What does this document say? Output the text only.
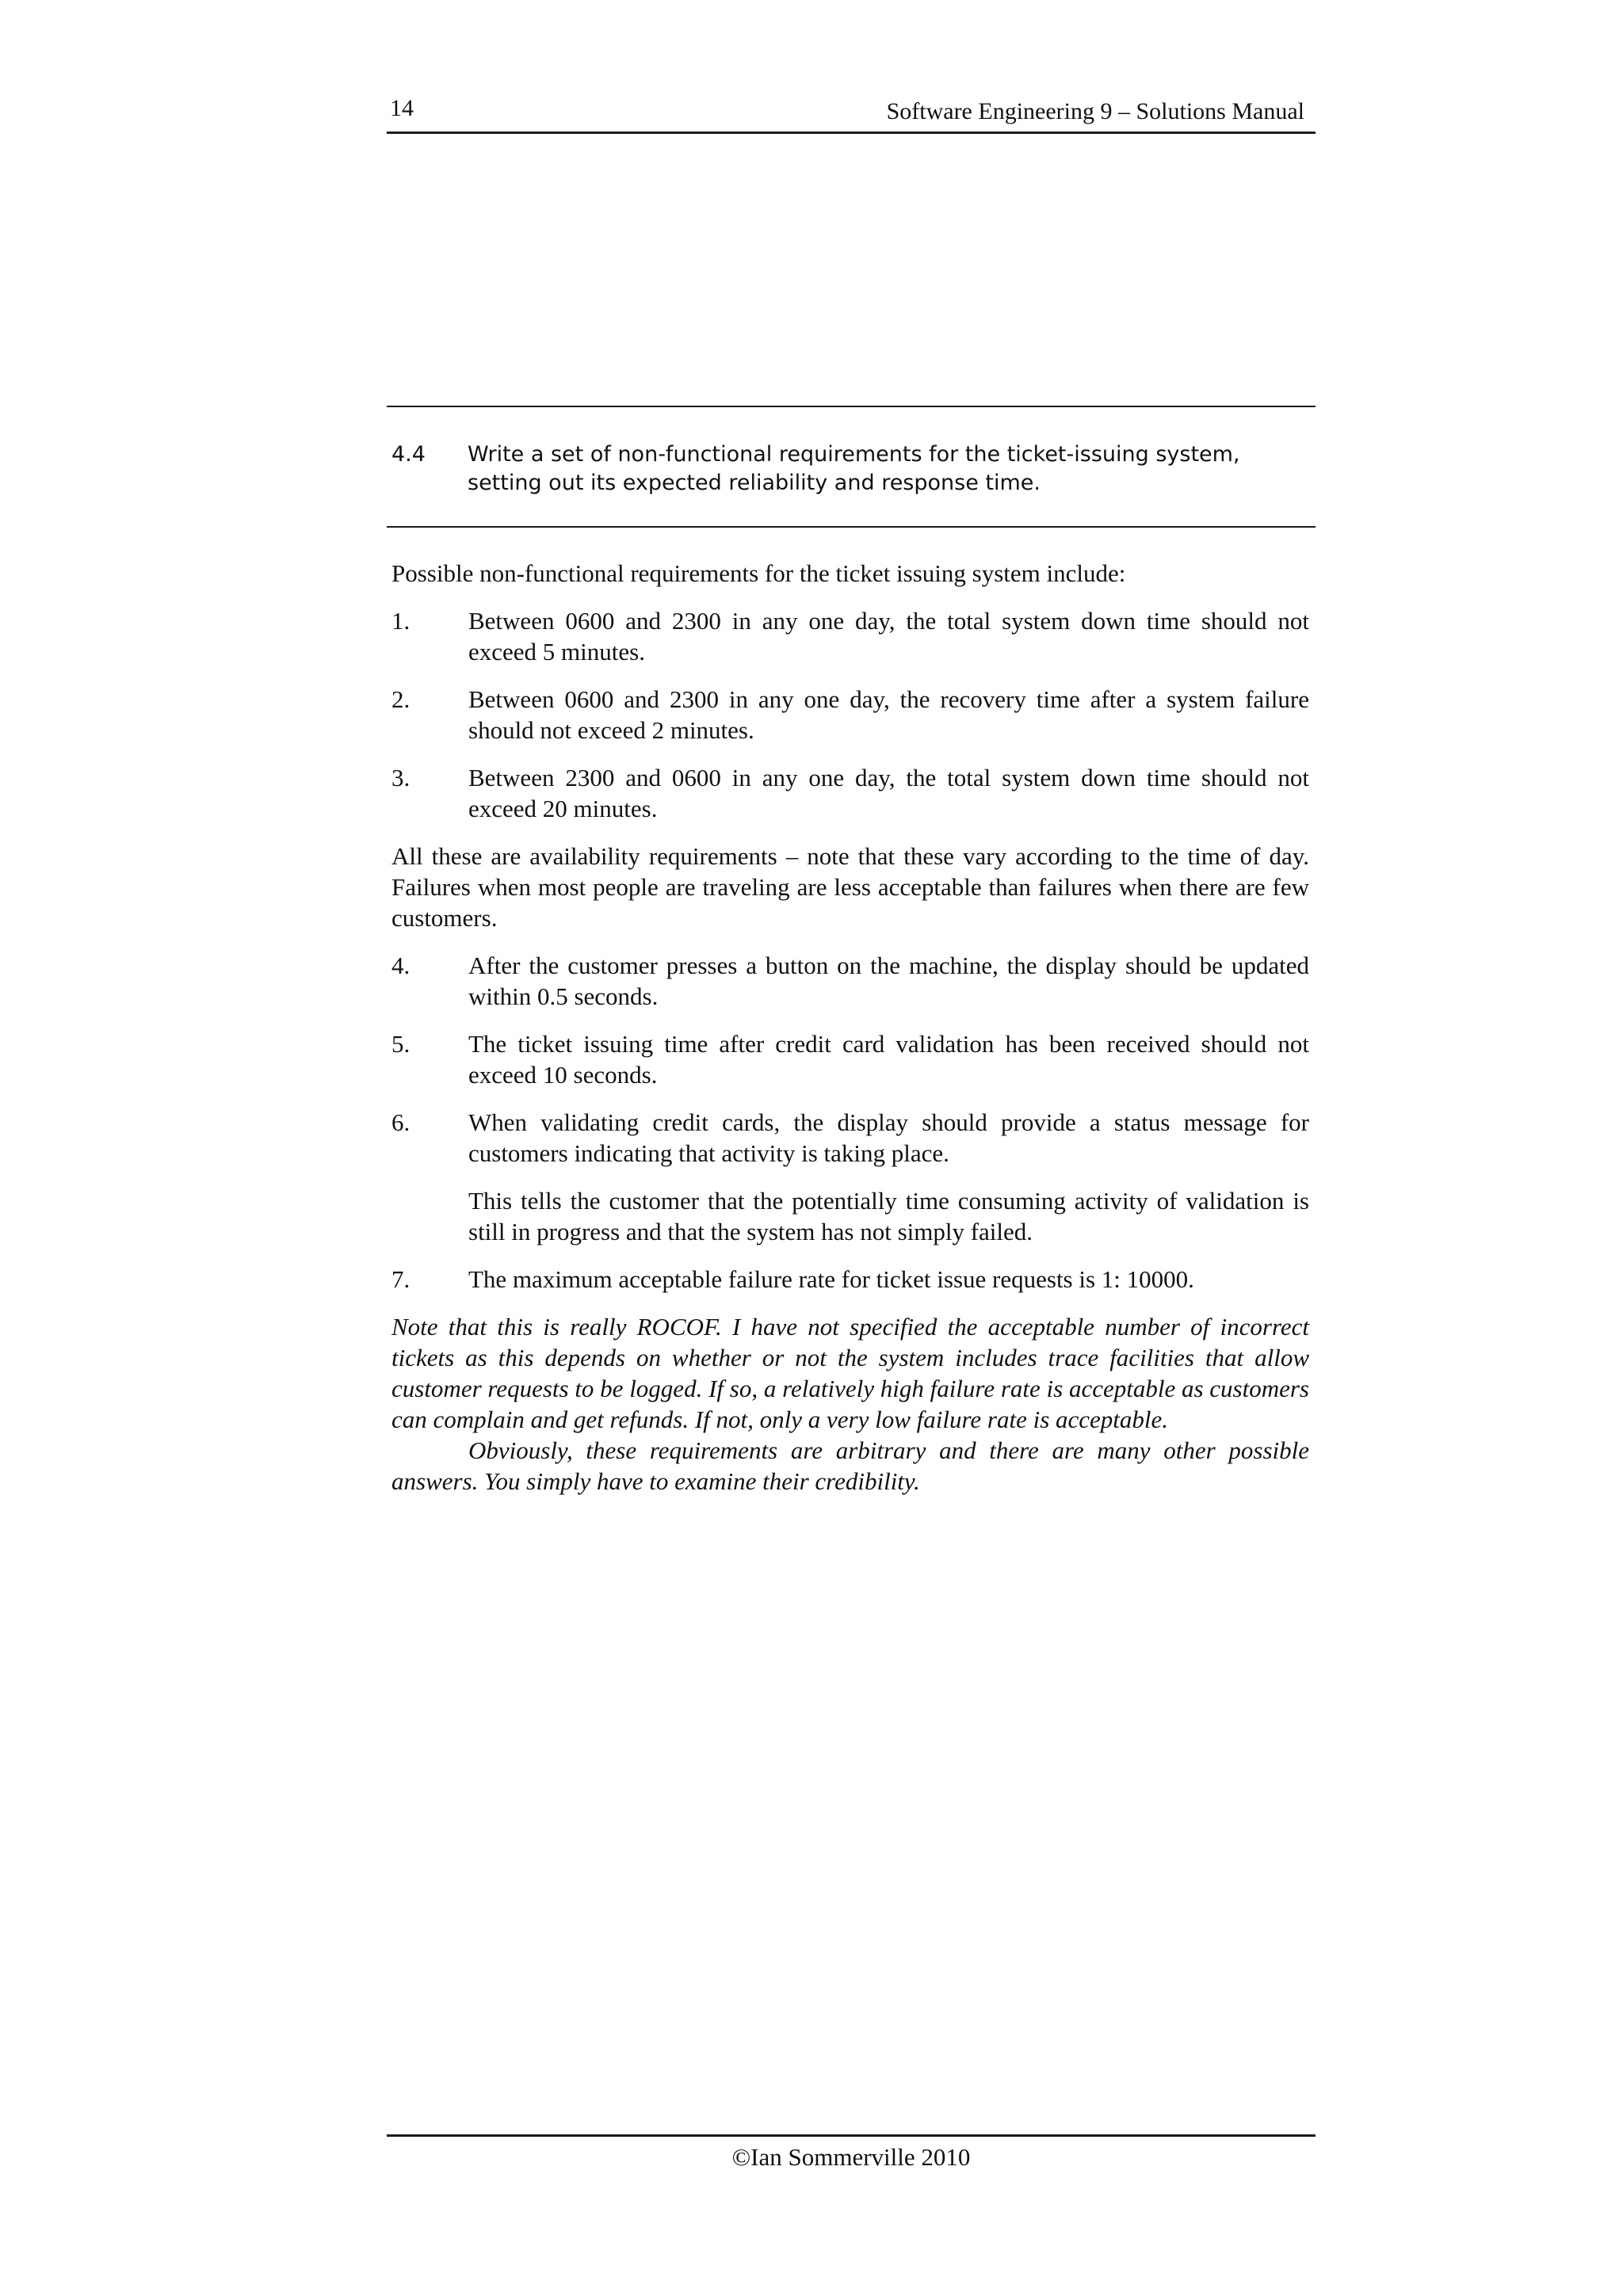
14	Software Engineering 9 – Solutions Manual
4.4 Write a set of non-functional requirements for the ticket-issuing system, setting out its expected reliability and response time.

Possible non-functional requirements for the ticket issuing system include:

1. Between 0600 and 2300 in any one day, the total system down time should not exceed 5 minutes.
2. Between 0600 and 2300 in any one day, the recovery time after a system failure should not exceed 2 minutes.
3. Between 2300 and 0600 in any one day, the total system down time should not exceed 20 minutes.

All these are availability requirements – note that these vary according to the time of day. Failures when most people are traveling are less acceptable than failures when there are few customers.

4. After the customer presses a button on the machine, the display should be updated within 0.5 seconds.
5. The ticket issuing time after credit card validation has been received should not exceed 10 seconds.
6. When validating credit cards, the display should provide a status message for customers indicating that activity is taking place.
This tells the customer that the potentially time consuming activity of validation is still in progress and that the system has not simply failed.
7. The maximum acceptable failure rate for ticket issue requests is 1: 10000.

Note that this is really ROCOF. I have not specified the acceptable number of incorrect tickets as this depends on whether or not the system includes trace facilities that allow customer requests to be logged. If so, a relatively high failure rate is acceptable as customers can complain and get refunds. If not, only a very low failure rate is acceptable.

Obviously, these requirements are arbitrary and there are many other possible answers. You simply have to examine their credibility.

©Ian Sommerville 2010
